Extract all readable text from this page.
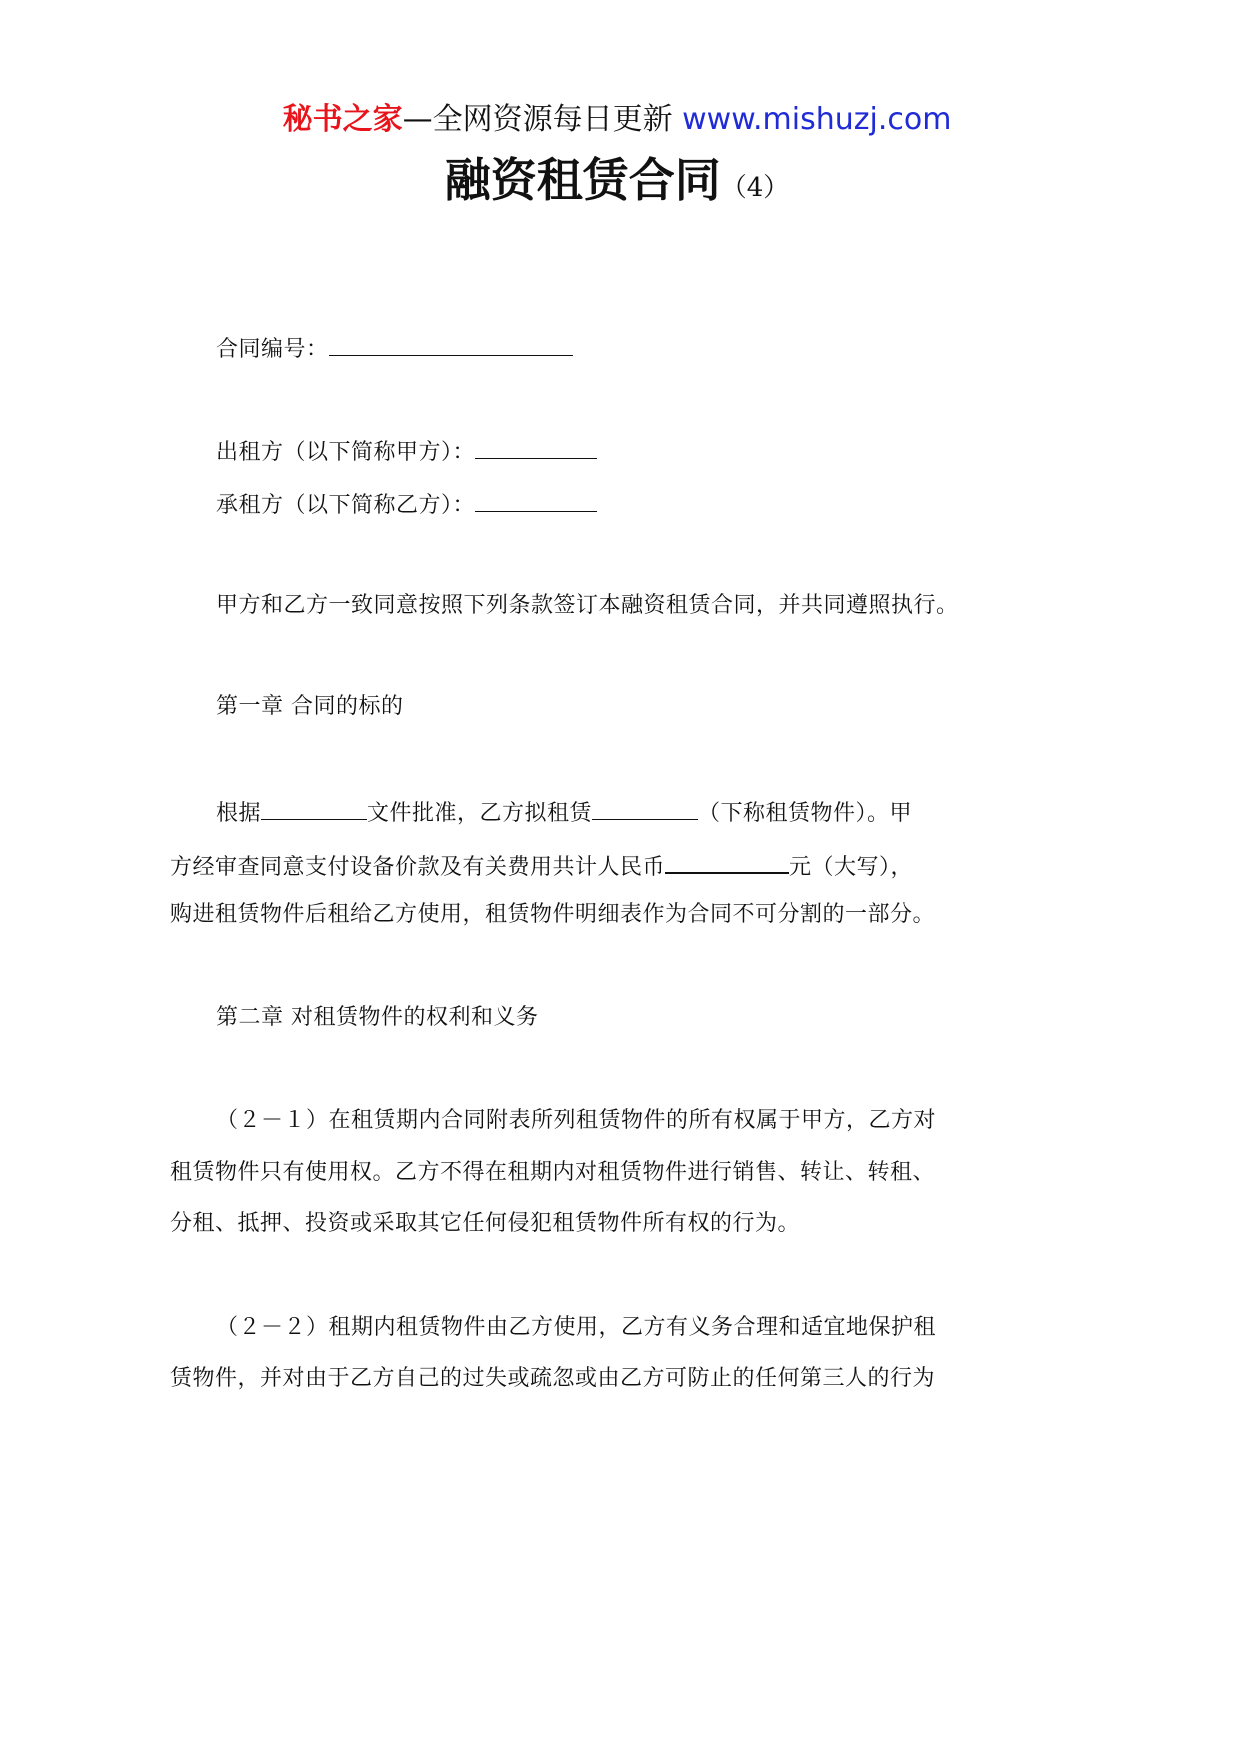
秘书之家—全网资源每日更新 www.mishuzj.com
融资租赁合同（4）
合同编号：
出租方（以下简称甲方）：
承租方（以下简称乙方）：
甲方和乙方一致同意按照下列条款签订本融资租赁合同，并共同遵照执行。
第一章 合同的标的
根据	文件批准，乙方拟租赁	（下称租赁物件）。甲
方经审查同意支付设备价款及有关费用共计人民币	元（大写），
购进租赁物件后租给乙方使用，租赁物件明细表作为合同不可分割的一部分。
第二章 对租赁物件的权利和义务
（２－１）在租赁期内合同附表所列租赁物件的所有权属于甲方，乙方对
租赁物件只有使用权。乙方不得在租期内对租赁物件进行销售、转让、转租、
分租、抵押、投资或采取其它任何侵犯租赁物件所有权的行为。
（２－２）租期内租赁物件由乙方使用，乙方有义务合理和适宜地保护租
赁物件，并对由于乙方自己的过失或疏忽或由乙方可防止的任何第三人的行为
